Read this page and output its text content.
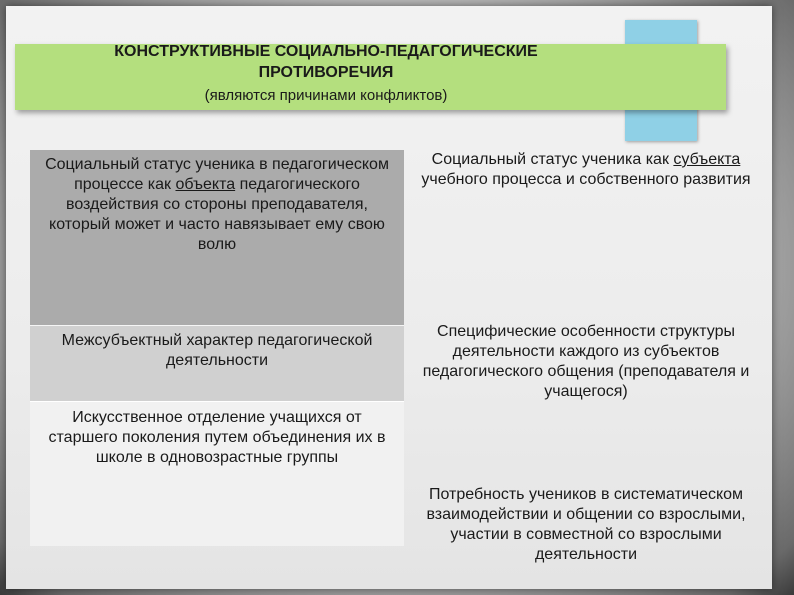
КОНСТРУКТИВНЫЕ СОЦИАЛЬНО-ПЕДАГОГИЧЕСКИЕ
ПРОТИВОРЕЧИЯ
(являются причинами конфликтов)
Социальный статус ученика в педагогическом процессе как объекта педагогического воздействия со стороны преподавателя, который может и часто навязывает ему свою волю
Межсубъектный характер педагогической деятельности
Искусственное отделение учащихся от старшего поколения путем объединения их в школе в одновозрастные группы
Социальный статус ученика как субъекта учебного процесса и собственного развития
Специфические особенности структуры деятельности каждого из субъектов педагогического общения (преподавателя и учащегося)
Потребность учеников в систематическом взаимодействии и общении со взрослыми, участии в совместной со взрослыми деятельности
